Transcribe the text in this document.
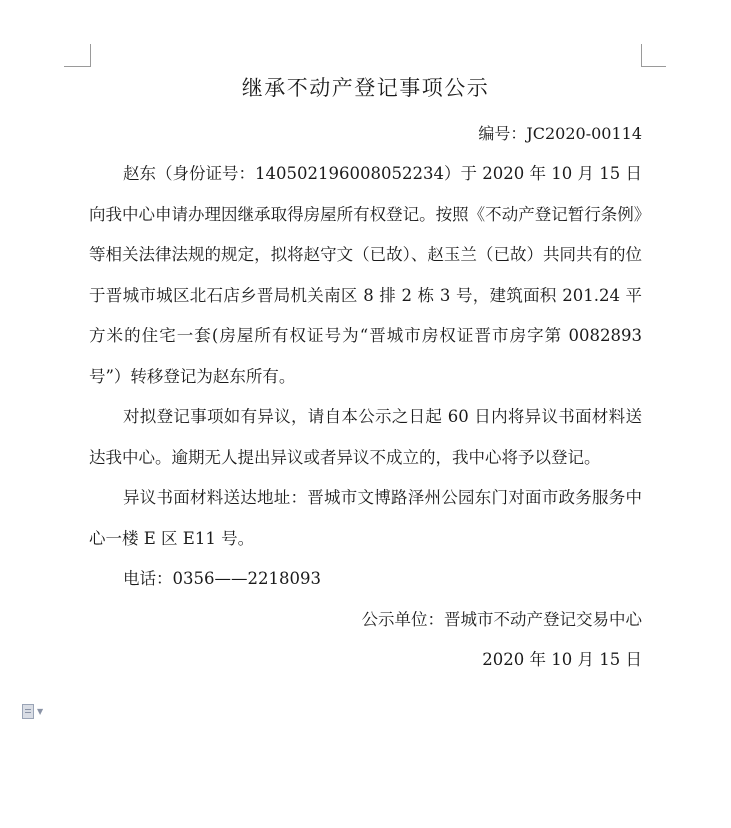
继承不动产登记事项公示
编号：JC2020-00114

赵东（身份证号：140502196008052234）于 2020 年 10 月 15 日向我中心申请办理因继承取得房屋所有权登记。按照《不动产登记暂行条例》等相关法律法规的规定，拟将赵守文（已故）、赵玉兰（已故）共同共有的位于晋城市城区北石店乡晋局机关南区 8 排 2 栋 3 号，建筑面积 201.24 平方米的住宅一套(房屋所有权证号为“晋城市房权证晋市房字第 0082893 号”）转移登记为赵东所有。

对拟登记事项如有异议，请自本公示之日起 60 日内将异议书面材料送达我中心。逾期无人提出异议或者异议不成立的，我中心将予以登记。

异议书面材料送达地址：晋城市文博路泽州公园东门对面市政务服务中心一楼 E 区 E11 号。

电话：0356——2218093
公示单位：晋城市不动产登记交易中心
2020 年 10 月 15 日
▼
